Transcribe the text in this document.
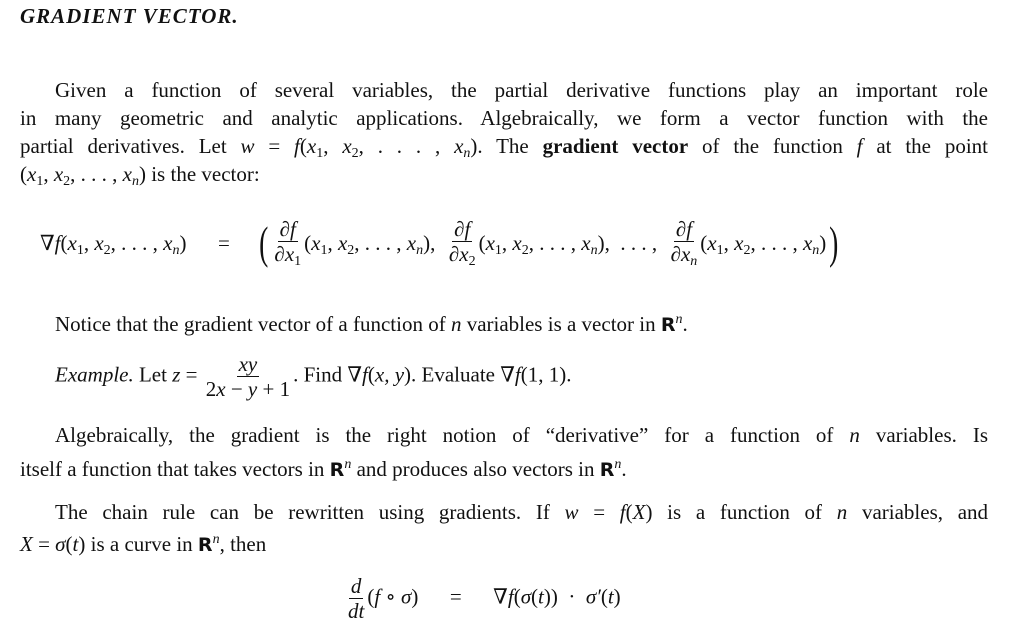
GRADIENT VECTOR.
Given a function of several variables, the partial derivative functions play an important role
in many geometric and analytic applications. Algebraically, we form a vector function with the
partial derivatives. Let w = f(x1, x2, . . . , xn). The gradient vector of the function f at the point
(x1, x2, . . . , xn) is the vector:
∇f(x1, x2, . . . , xn)      =     ( $\frac{\partial f}{\partial x1} (x1$, x2, . . . , xn), $\frac{\partial f}{\partial x2} (x1$, x2, . . . , xn),  . . . , $\frac{\partial f}{\partial xn} (x1$, x2, . . . , xn))
Notice that the gradient vector of a function of n variables is a vector in $R^n$.
Example. Let $z = \frac{xy}{2x - y + 1}$ . Find ∇f(x, y). Evaluate ∇f(1, 1).
Algebraically, the gradient is the right notion of “derivative” for a function of n variables. Is
itself a function that takes vectors in $R^n$ and produces also vectors in $R^n$.
The chain rule can be rewritten using gradients. If w = f(X) is a function of n variables, and
X = σ(t) is a curve in $R^n$, then
$\frac{d}{dt} (f$ ∘ σ)      =      ∇f(σ(t))  ·  σ′(t)
